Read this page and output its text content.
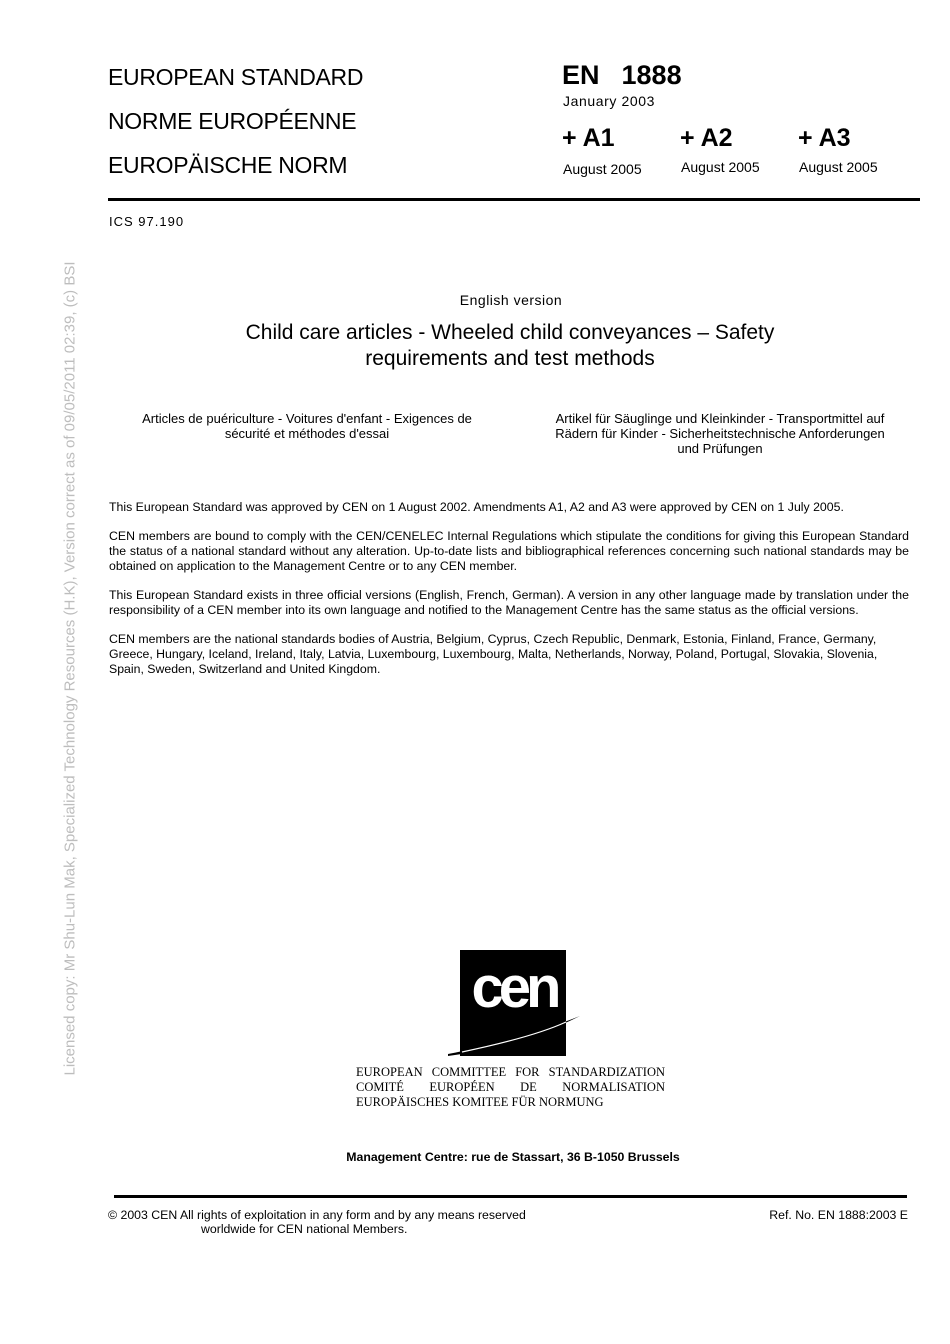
Licensed copy: Mr Shu-Lun Mak, Specialized Technology Resources (H.K), Version correct as of 09/05/2011 02:39, (c) BSI
EUROPEAN STANDARD
NORME EUROPÉENNE
EUROPÄISCHE NORM
EN 1888
January 2003
+ A1
August 2005
+ A2
August 2005
+ A3
August 2005
ICS 97.190
English version
Child care articles - Wheeled child conveyances – Safety
requirements and test methods
Articles de puériculture - Voitures d'enfant - Exigences de
sécurité et méthodes d'essai
Artikel für Säuglinge und Kleinkinder - Transportmittel auf
Rädern für Kinder - Sicherheitstechnische Anforderungen
und Prüfungen
This European Standard was approved by CEN on 1 August 2002. Amendments A1, A2 and A3 were approved by CEN on 1 July 2005.
CEN members are bound to comply with the CEN/CENELEC Internal Regulations which stipulate the conditions for giving this European Standard the status of a national standard without any alteration. Up-to-date lists and bibliographical references concerning such national standards may be obtained on application to the Management Centre or to any CEN member.
This European Standard exists in three official versions (English, French, German). A version in any other language made by translation under the responsibility of a CEN member into its own language and notified to the Management Centre has the same status as the official versions.
CEN members are the national standards bodies of Austria, Belgium, Cyprus, Czech Republic, Denmark, Estonia, Finland, France, Germany, Greece, Hungary, Iceland, Ireland, Italy, Latvia, Luxembourg, Luxembourg, Malta, Netherlands, Norway, Poland, Portugal, Slovakia, Slovenia, Spain, Sweden, Switzerland and United Kingdom.
cen
EUROPEAN COMMITTEE FOR STANDARDIZATION
COMITÉ EUROPÉEN DE NORMALISATION
EUROPÄISCHES KOMITEE FÜR NORMUNG
Management Centre: rue de Stassart, 36 B-1050 Brussels
© 2003 CEN All rights of exploitation in any form and by any means reserved
worldwide for CEN national Members.
Ref. No. EN 1888:2003 E
